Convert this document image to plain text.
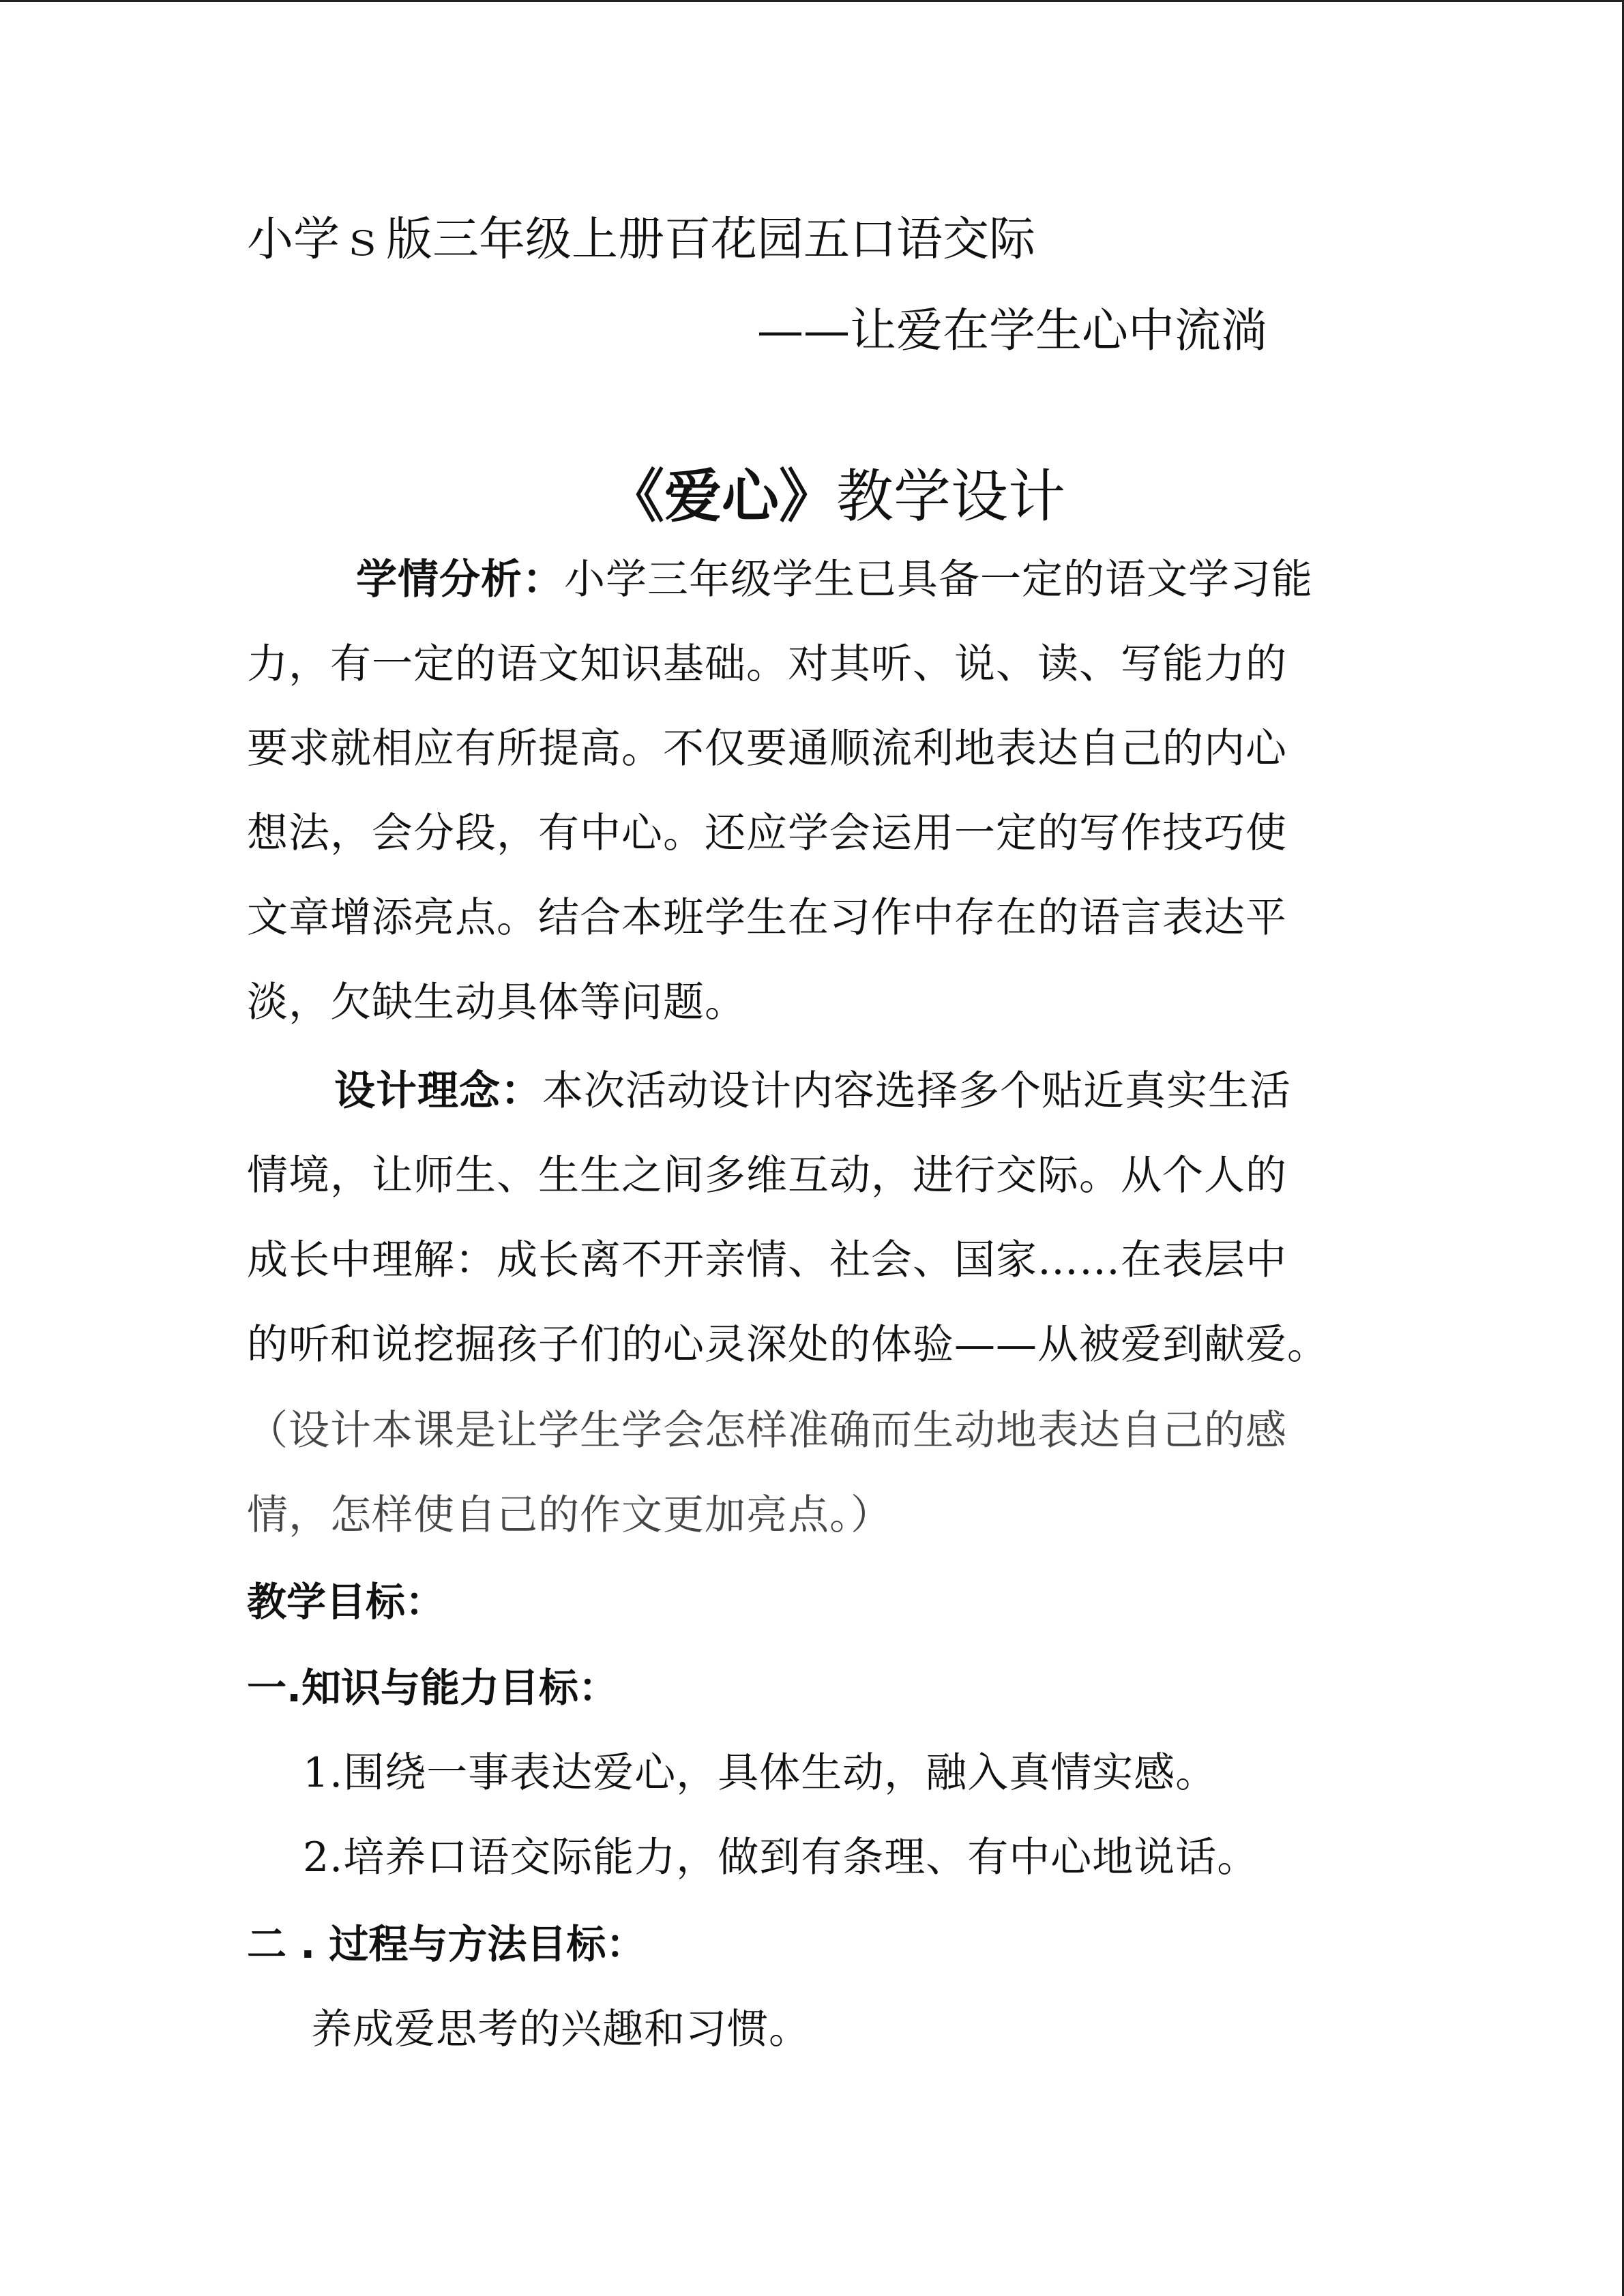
小学ｓ版三年级上册百花园五口语交际
——让爱在学生心中流淌
《爱心》教学设计
学情分析：小学三年级学生已具备一定的语文学习能
力，有一定的语文知识基础。对其听、说、读、写能力的
要求就相应有所提高。不仅要通顺流利地表达自己的内心
想法，会分段，有中心。还应学会运用一定的写作技巧使
文章增添亮点。结合本班学生在习作中存在的语言表达平
淡，欠缺生动具体等问题。
设计理念：本次活动设计内容选择多个贴近真实生活
情境，让师生、生生之间多维互动，进行交际。从个人的
成长中理解：成长离不开亲情、社会、国家……在表层中
的听和说挖掘孩子们的心灵深处的体验——从被爱到献爱。
（设计本课是让学生学会怎样准确而生动地表达自己的感
情，怎样使自己的作文更加亮点。）
教学目标：
一.知识与能力目标：
1.围绕一事表达爱心，具体生动，融入真情实感。
2.培养口语交际能力，做到有条理、有中心地说话。
二 . 过程与方法目标：
养成爱思考的兴趣和习惯。
